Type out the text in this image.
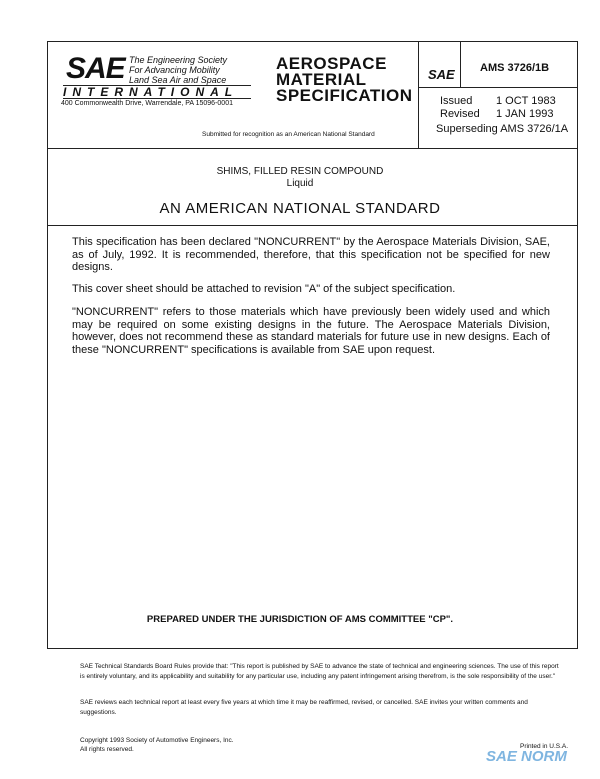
SAE The Engineering Society
For Advancing Mobility
Land Sea Air and Space
INTERNATIONAL
400 Commonwealth Drive, Warrendale, PA 15096-0001
AEROSPACE
MATERIAL
SPECIFICATION
Submitted for recognition as an American National Standard
SAE AMS 3726/1B
Issued 1 OCT 1983
Revised 1 JAN 1993
Superseding AMS 3726/1A
SHIMS, FILLED RESIN COMPOUND
Liquid
AN AMERICAN NATIONAL STANDARD
This specification has been declared "NONCURRENT" by the Aerospace Materials Division, SAE, as of July, 1992. It is recommended, therefore, that this specification not be specified for new designs.
This cover sheet should be attached to revision "A" of the subject specification.
"NONCURRENT" refers to those materials which have previously been widely used and which may be required on some existing designs in the future. The Aerospace Materials Division, however, does not recommend these as standard materials for future use in new designs. Each of these "NONCURRENT" specifications is available from SAE upon request.
PREPARED UNDER THE JURISDICTION OF AMS COMMITTEE "CP".
SAE Technical Standards Board Rules provide that: "This report is published by SAE to advance the state of technical and engineering sciences. The use of this report is entirely voluntary, and its applicability and suitability for any particular use, including any patent infringement arising therefrom, is the sole responsibility of the user."
SAE reviews each technical report at least every five years at which time it may be reaffirmed, revised, or cancelled. SAE invites your written comments and suggestions.
Copyright 1993 Society of Automotive Engineers, Inc.
All rights reserved.	Printed in U.S.A.
SAE NORM
